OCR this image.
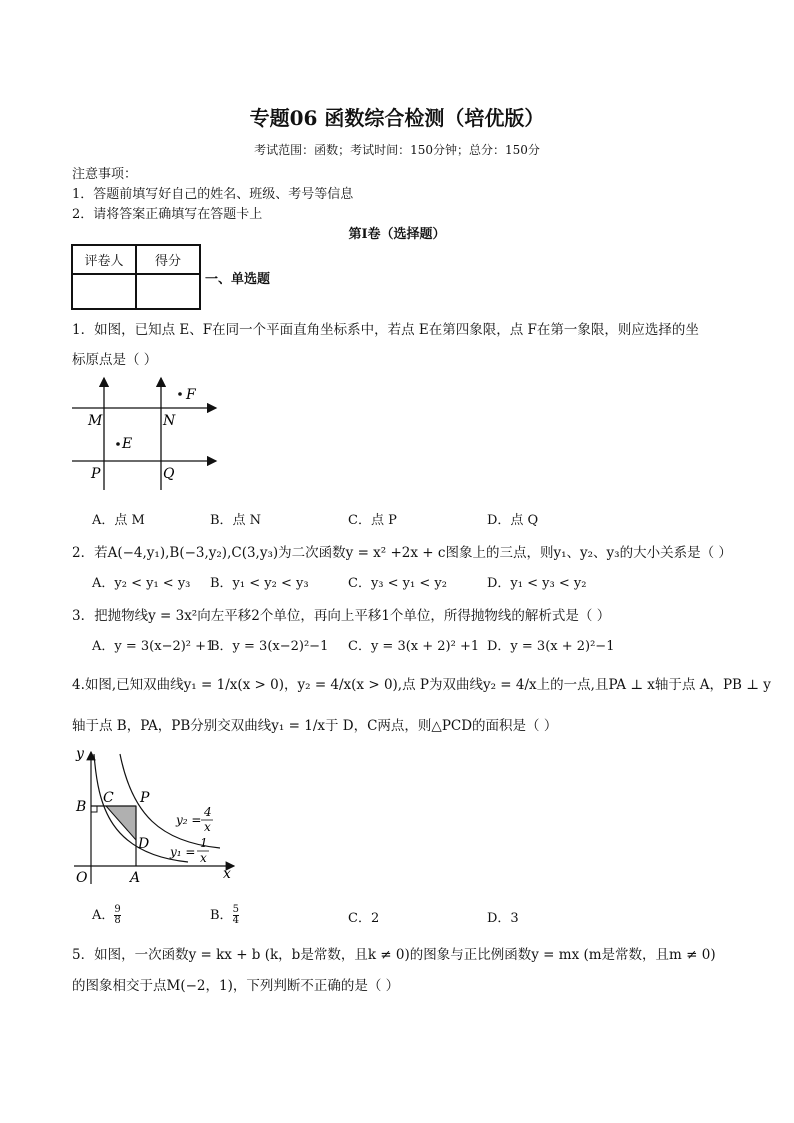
专题06 函数综合检测（培优版）
考试范围：函数；考试时间：150分钟；总分：150分
注意事项：
1．答题前填写好自己的姓名、班级、考号等信息
2．请将答案正确填写在答题卡上
第I卷（选择题）
评卷人	得分

一、单选题
1．如图，已知点 E、F在同一个平面直角坐标系中，若点 E在第四象限，点 F在第一象限，则应选择的坐
标原点是（ ）
F
M	N
E
P	Q
A．点 M	B．点 N	C．点 P	D．点 Q
2．若A(−4,y₁),B(−3,y₂),C(3,y₃)为二次函数y = x² +2x + c图象上的三点，则y₁、y₂、y₃的大小关系是（ ）
A．y₂ < y₁ < y₃ B．y₁ < y₂ < y₃	C．y₃ < y₁ < y₂	D．y₁ < y₃ < y₂
3．把抛物线y = 3x²向左平移2个单位，再向上平移1个单位，所得抛物线的解析式是（ ）
A．y = 3(x−2)² +1
B．y = 3(x−2)²−1 C．y = 3(x + 2)² +1 D．y = 3(x + 2)²−1
4.如图,已知双曲线y₁ = 1/x(x > 0)，y₂ = 4/x(x > 0),点 P为双曲线y₂ = 4/x上的一点,且PA ⊥ x轴于点 A，PB ⊥ y
轴于点 B，PA，PB分别交双曲线y₁ = 1/x于 D，C两点，则△PCD的面积是（ ）
y
x
O
B
C P
D
A
y₂ =
4
x
y₁ =
1
x
A． $\frac{9}{8}$	B． $\frac{5}{4}$	C．2	D．3
5．如图，一次函数y = kx + b (k，b是常数，且k ≠ 0)的图象与正比例函数y = mx (m是常数，且m ≠ 0)
的图象相交于点M(−2，1)，下列判断不正确的是（ ）
